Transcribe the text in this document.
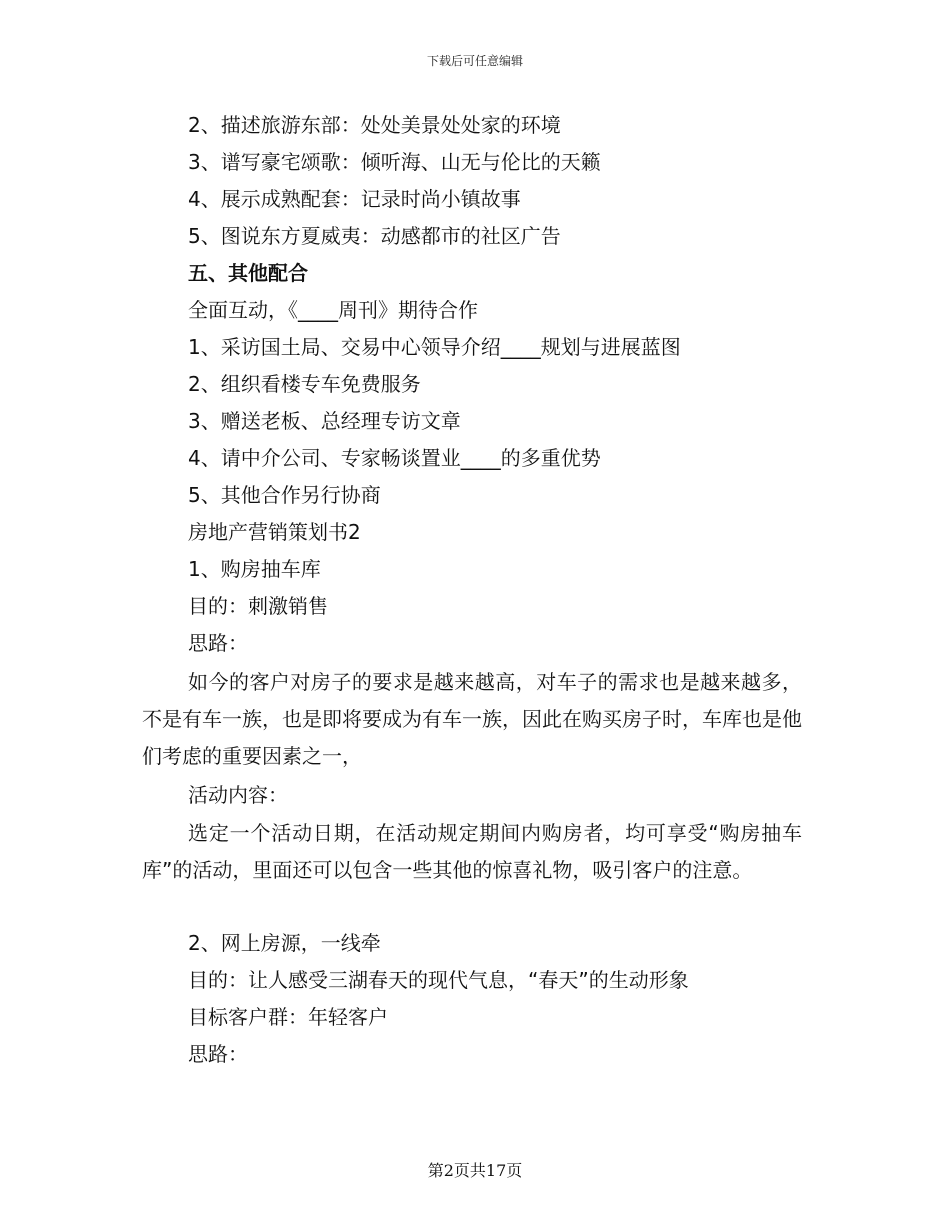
下载后可任意编辑
2、描述旅游东部：处处美景处处家的环境
3、谱写豪宅颂歌：倾听海、山无与伦比的天籁
4、展示成熟配套：记录时尚小镇故事
5、图说东方夏威夷：动感都市的社区广告
五、其他配合
全面互动，《____周刊》期待合作
1、采访国土局、交易中心领导介绍____规划与进展蓝图
2、组织看楼专车免费服务
3、赠送老板、总经理专访文章
4、请中介公司、专家畅谈置业____的多重优势
5、其他合作另行协商
房地产营销策划书2
1、购房抽车库
目的：刺激销售
思路：
如今的客户对房子的要求是越来越高，对车子的需求也是越来越多，不是有车一族，也是即将要成为有车一族，因此在购买房子时，车库也是他们考虑的重要因素之一，
活动内容：
选定一个活动日期，在活动规定期间内购房者，均可享受“购房抽车库”的活动，里面还可以包含一些其他的惊喜礼物，吸引客户的注意。
2、网上房源，一线牵
目的：让人感受三湖春天的现代气息，“春天”的生动形象
目标客户群：年轻客户
思路：
第2页共17页
